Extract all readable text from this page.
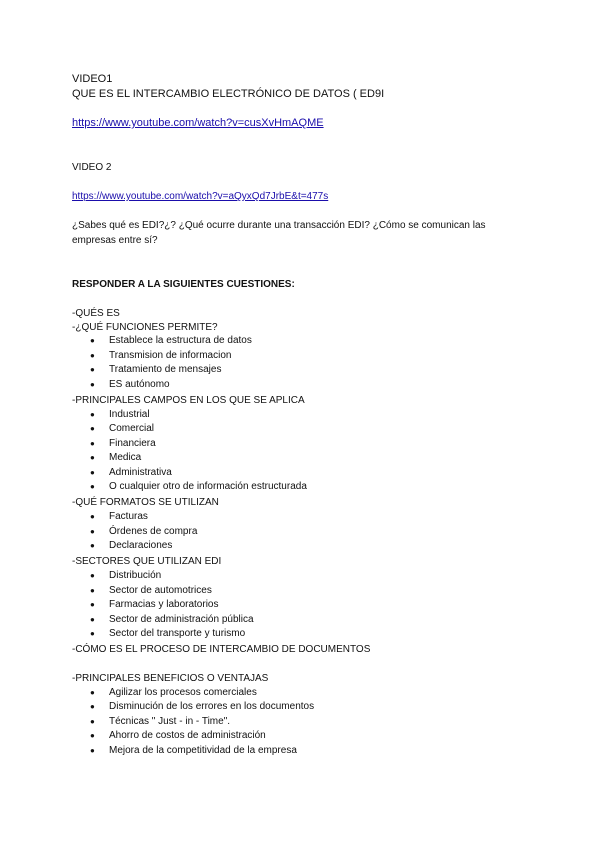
VIDEO1
QUE ES EL INTERCAMBIO ELECTRÓNICO DE DATOS ( ED9I
https://www.youtube.com/watch?v=cusXvHmAQME
VIDEO 2
https://www.youtube.com/watch?v=aQyxQd7JrbE&t=477s
¿Sabes qué es EDI?¿? ¿Qué ocurre durante una transacción EDI? ¿Cómo se comunican las empresas entre sí?
RESPONDER A LA SIGUIENTES CUESTIONES:
-QUÉS ES
-¿QUÉ FUNCIONES PERMITE?
● Establece la estructura de datos
● Transmision de informacion
● Tratamiento de mensajes
● ES autónomo
-PRINCIPALES CAMPOS EN LOS QUE SE APLICA
● Industrial
● Comercial
● Financiera
● Medica
● Administrativa
● O cualquier otro de información estructurada
-QUÉ FORMATOS SE UTILIZAN
● Facturas
● Órdenes de compra
● Declaraciones
-SECTORES QUE UTILIZAN EDI
● Distribución
● Sector de automotrices
● Farmacias y laboratorios
● Sector de administración pública
● Sector del transporte y turismo
-CÓMO ES EL PROCESO DE INTERCAMBIO DE DOCUMENTOS
-PRINCIPALES BENEFICIOS O VENTAJAS
● Agilizar los procesos comerciales
● Disminución de los errores en los documentos
● Técnicas " Just - in - Time".
● Ahorro de costos de administración
● Mejora de la competitividad de la empresa
